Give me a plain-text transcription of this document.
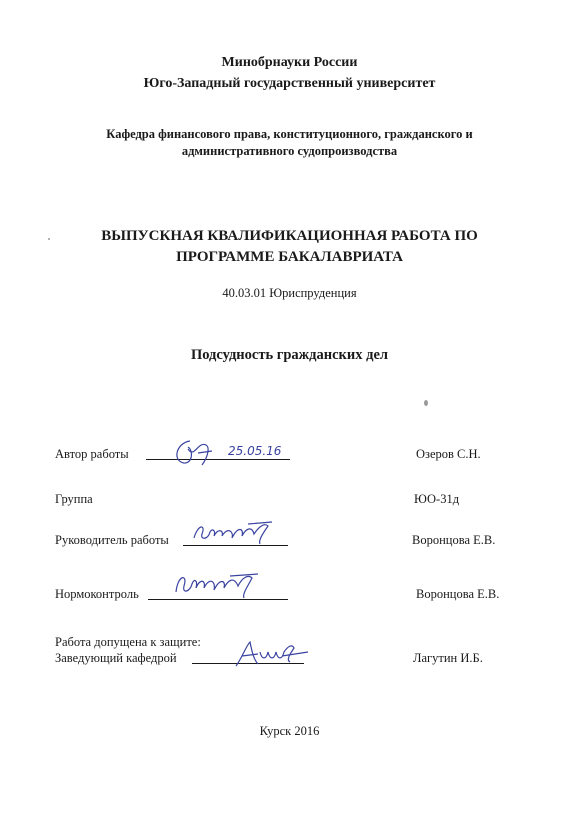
Минобрнауки России
Юго-Западный государственный университет
Кафедра финансового права, конституционного, гражданского и
административного судопроизводства
ВЫПУСКНАЯ КВАЛИФИКАЦИОННАЯ РАБОТА ПО
ПРОГРАММЕ БАКАЛАВРИАТА
40.03.01 Юриспруденция
Подсудность гражданских дел
Автор работы	25.05.16	Озеров С.Н.
Группа	ЮО-31д
Руководитель работы	Воронцова Е.В.
Нормоконтроль	Воронцова Е.В.
Работа допущена к защите:
Заведующий кафедрой	Лагутин И.Б.
Курск 2016
